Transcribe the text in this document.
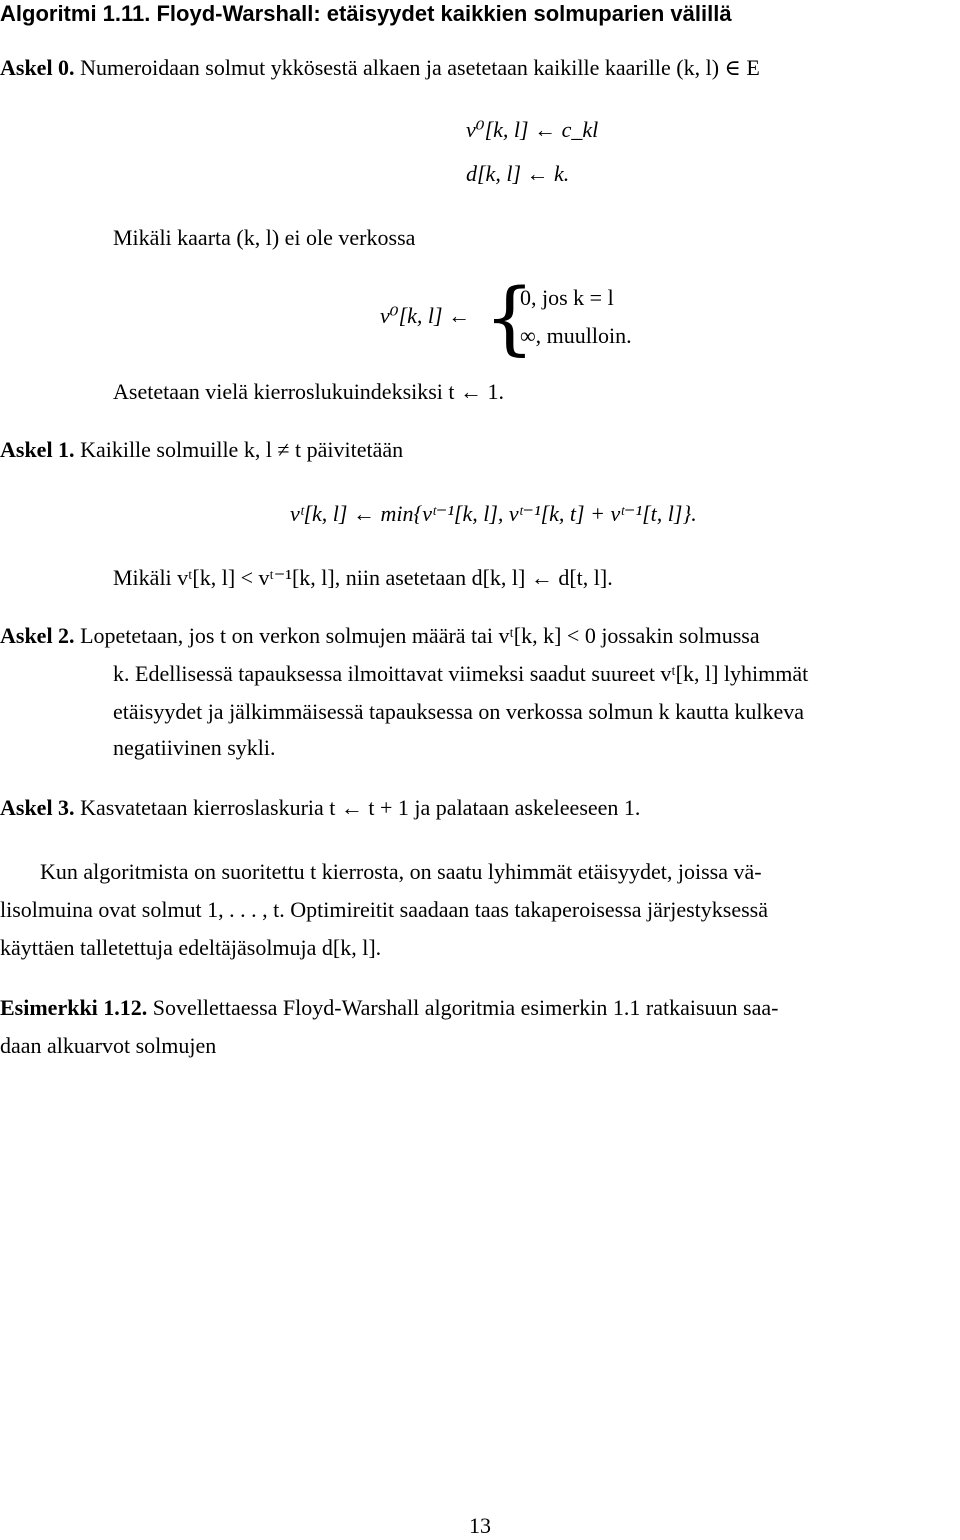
Algoritmi 1.11. Floyd-Warshall: etäisyydet kaikkien solmuparien välillä
Askel 0. Numeroidaan solmut ykkösestä alkaen ja asetetaan kaikille kaarille (k, l) ∈ E
v⁰[k, l] ← c_kl
d[k, l] ← k.
Mikäli kaarta (k, l) ei ole verkossa
v⁰[k, l] ← {
0, jos k = l
∞, muulloin.
Asetetaan vielä kierroslukuindeksiksi t ← 1.
Askel 1. Kaikille solmuille k, l ≠ t päivitetään
vᵗ[k, l] ← min{vᵗ⁻¹[k, l], vᵗ⁻¹[k, t] + vᵗ⁻¹[t, l]}.
Mikäli vᵗ[k, l] < vᵗ⁻¹[k, l], niin asetetaan d[k, l] ← d[t, l].
Askel 2. Lopetetaan, jos t on verkon solmujen määrä tai vᵗ[k, k] < 0 jossakin solmussa
k. Edellisessä tapauksessa ilmoittavat viimeksi saadut suureet vᵗ[k, l] lyhimmät
etäisyydet ja jälkimmäisessä tapauksessa on verkossa solmun k kautta kulkeva
negatiivinen sykli.
Askel 3. Kasvatetaan kierroslaskuria t ← t + 1 ja palataan askeleeseen 1.
Kun algoritmista on suoritettu t kierrosta, on saatu lyhimmät etäisyydet, joissa vä-
lisolmuina ovat solmut 1, . . . , t. Optimireitit saadaan taas takaperoisessa järjestyksessä
käyttäen talletettuja edeltäjäsolmuja d[k, l].
Esimerkki 1.12. Sovellettaessa Floyd-Warshall algoritmia esimerkin 1.1 ratkaisuun saa-
daan alkuarvot solmujen
13
